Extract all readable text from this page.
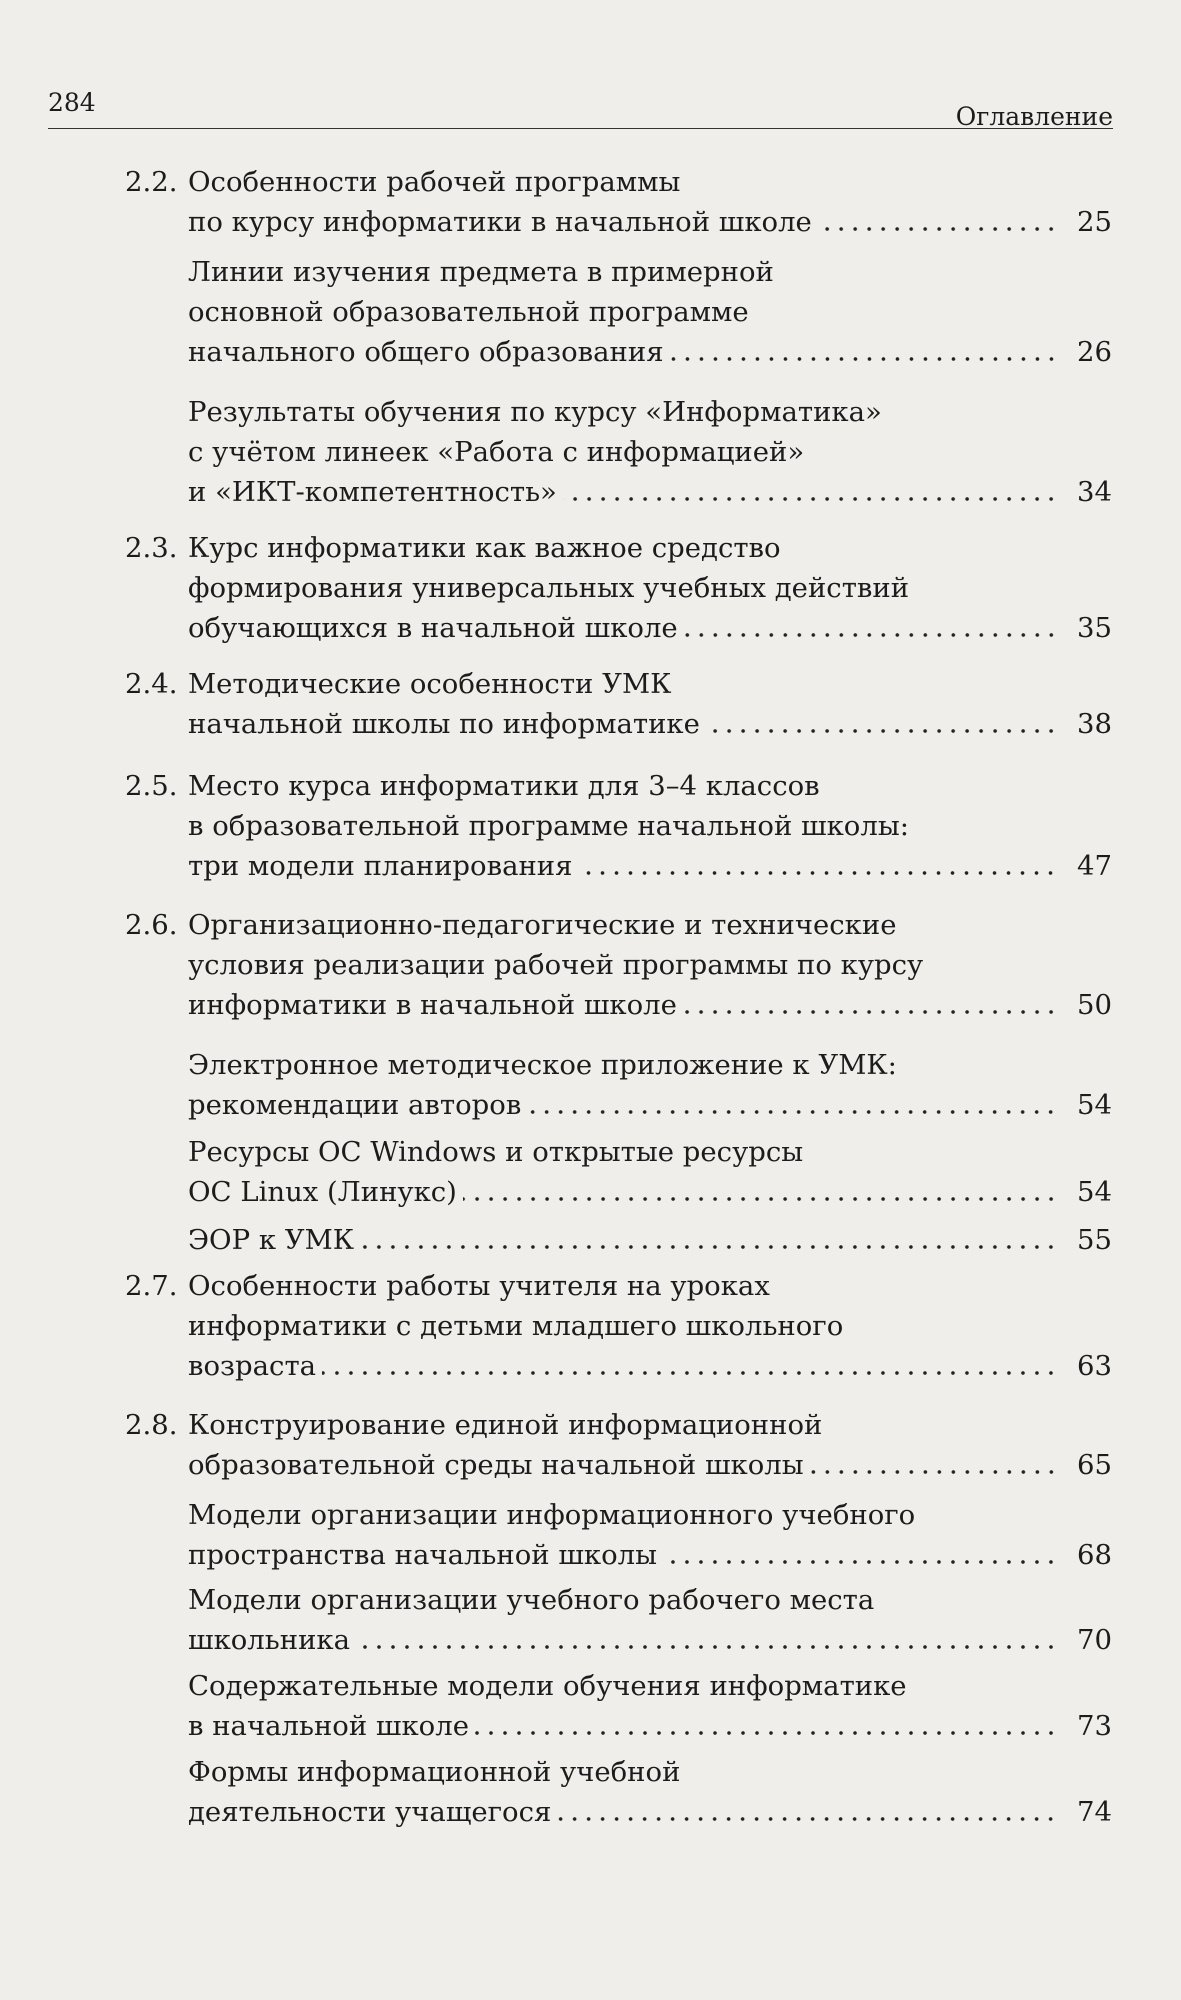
284	Оглавление
2.2. Особенности рабочей программы
по курсу информатики в начальной школе	25
Линии изучения предмета в примерной
основной образовательной программе
начального общего образования	26
Результаты обучения по курсу «Информатика»
с учётом линеек «Работа с информацией»
и «ИКТ-компетентность»	34
2.3. Курс информатики как важное средство
формирования универсальных учебных действий
обучающихся в начальной школе	35
2.4. Методические особенности УМК
начальной школы по информатике	38
2.5. Место курса информатики для 3–4 классов
в образовательной программе начальной школы:
три модели планирования	47
2.6. Организационно-педагогические и технические
условия реализации рабочей программы по курсу
информатики в начальной школе	50
Электронное методическое приложение к УМК:
рекомендации авторов	54
Ресурсы ОС Windows и открытые ресурсы
ОС Linux (Линукс)	54
ЭОР к УМК	55
2.7. Особенности работы учителя на уроках
информатики с детьми младшего школьного
возраста	63
2.8. Конструирование единой информационной
образовательной среды начальной школы	65
Модели организации информационного учебного
пространства начальной школы	68
Модели организации учебного рабочего места
школьника	70
Содержательные модели обучения информатике
в начальной школе	73
Формы информационной учебной
деятельности учащегося	74
